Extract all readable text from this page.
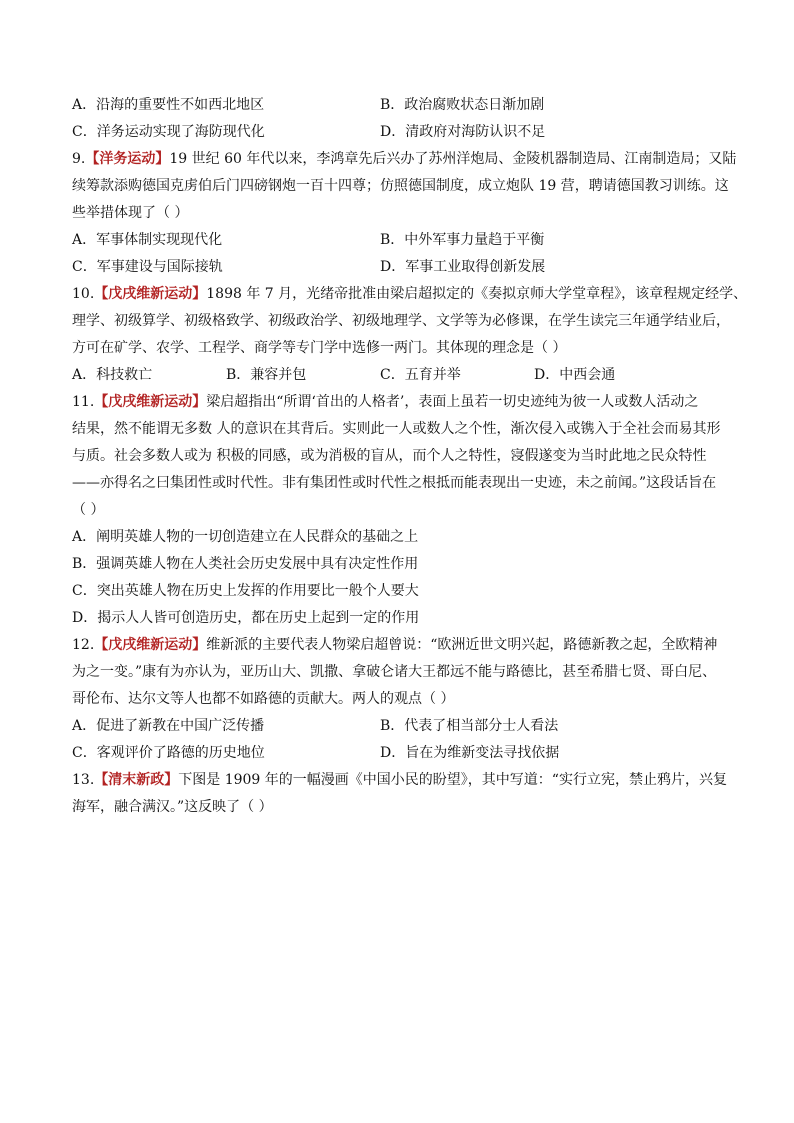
A．沿海的重要性不如西北地区	B．政治腐败状态日渐加剧
C．洋务运动实现了海防现代化	D．清政府对海防认识不足
9.【洋务运动】19 世纪 60 年代以来，李鸿章先后兴办了苏州洋炮局、金陵机器制造局、江南制造局；又陆
续筹款添购德国克虏伯后门四磅钢炮一百十四尊；仿照德国制度，成立炮队 19 营，聘请德国教习训练。这
些举措体现了（ ）
A．军事体制实现现代化	B．中外军事力量趋于平衡
C．军事建设与国际接轨	D．军事工业取得创新发展
10.【戊戌维新运动】1898 年 7 月，光绪帝批准由梁启超拟定的《奏拟京师大学堂章程》，该章程规定经学、
理学、初级算学、初级格致学、初级政治学、初级地理学、文学等为必修课，在学生读完三年通学结业后，
方可在矿学、农学、工程学、商学等专门学中选修一两门。其体现的理念是（ ）
A．科技救亡	B．兼容并包	C．五育并举	D．中西会通
11.【戊戌维新运动】梁启超指出“所谓‘首出的人格者’，表面上虽若一切史迹纯为彼一人或数人活动之
结果，然不能谓无多数 人的意识在其背后。实则此一人或数人之个性，渐次侵入或镌入于全社会而易其形
与质。社会多数人或为 积极的同感，或为消极的盲从，而个人之特性，寖假遂变为当时此地之民众特性
——亦得名之曰集团性或时代性。非有集团性或时代性之根抵而能表现出一史迹，未之前闻。”这段话旨在
（ ）
A．阐明英雄人物的一切创造建立在人民群众的基础之上
B．强调英雄人物在人类社会历史发展中具有决定性作用
C．突出英雄人物在历史上发挥的作用要比一般个人要大
D．揭示人人皆可创造历史，都在历史上起到一定的作用
12.【戊戌维新运动】维新派的主要代表人物梁启超曾说：“欧洲近世文明兴起，路德新教之起，全欧精神
为之一变。”康有为亦认为，亚历山大、凯撒、拿破仑诸大王都远不能与路德比，甚至希腊七贤、哥白尼、
哥伦布、达尔文等人也都不如路德的贡献大。两人的观点（ ）
A．促进了新教在中国广泛传播	B．代表了相当部分士人看法
C．客观评价了路德的历史地位	D．旨在为维新变法寻找依据
13.【清末新政】下图是 1909 年的一幅漫画《中国小民的盼望》，其中写道：“实行立宪，禁止鸦片，兴复
海军，融合满汉。”这反映了（ ）
